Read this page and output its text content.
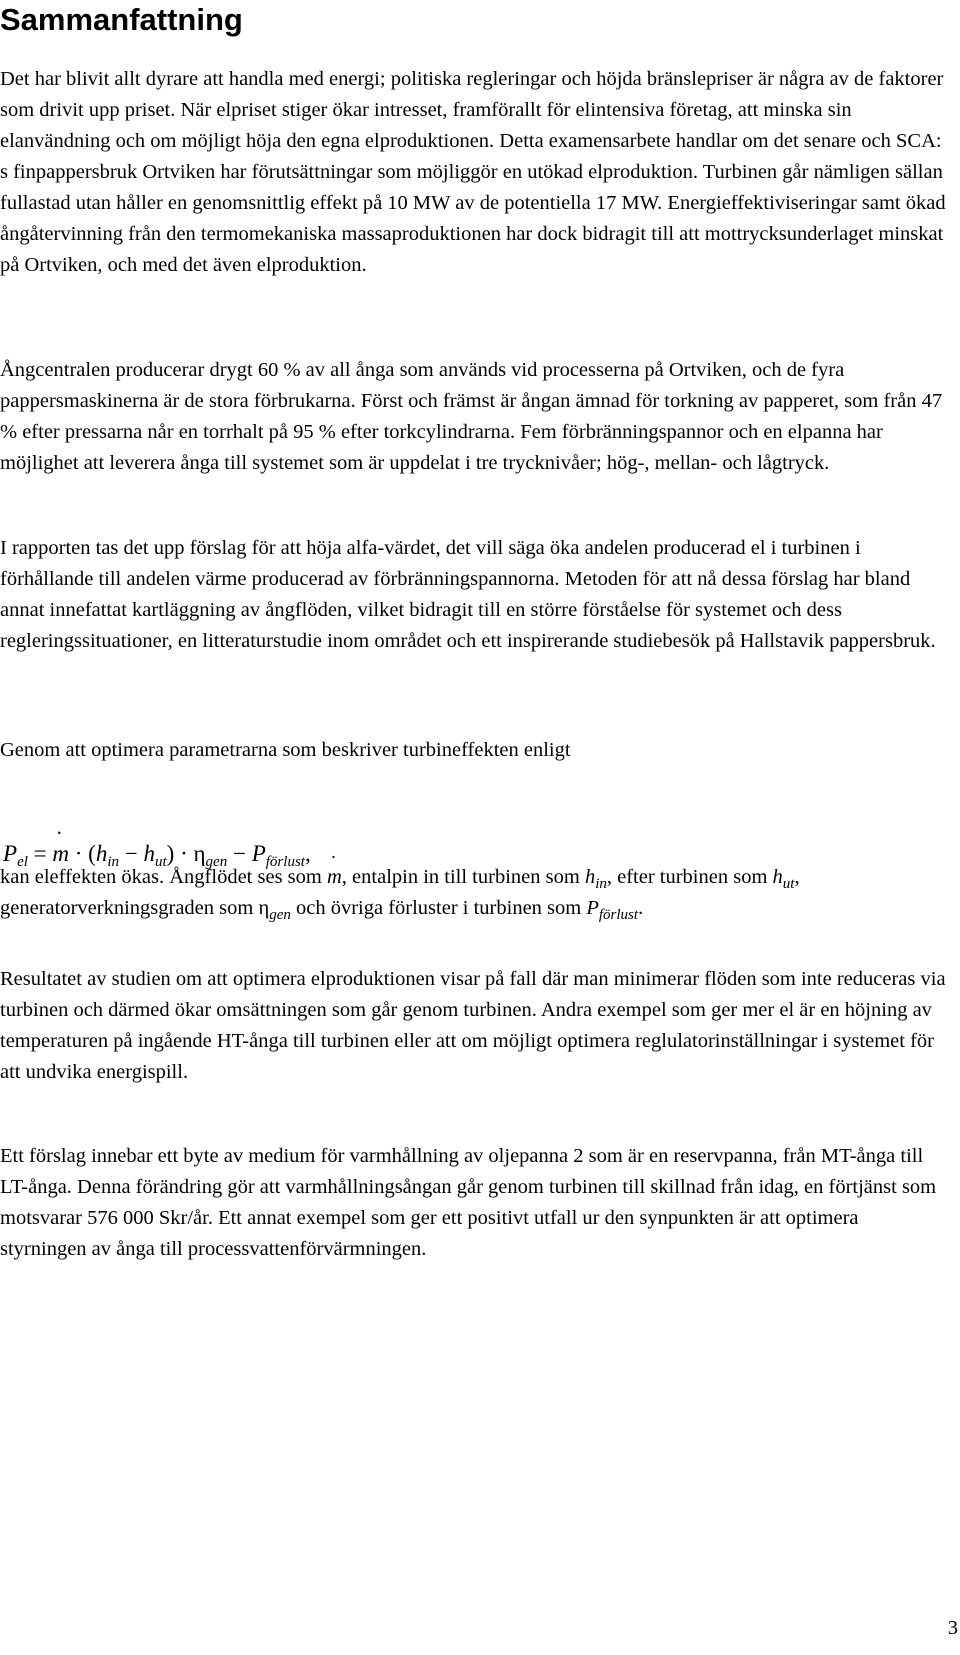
Sammanfattning

Det har blivit allt dyrare att handla med energi; politiska regleringar och höjda bränslepriser är några av de faktorer som drivit upp priset. När elpriset stiger ökar intresset, framförallt för elintensiva företag, att minska sin elanvändning och om möjligt höja den egna elproduktionen. Detta examensarbete handlar om det senare och SCA: s finpappersbruk Ortviken har förutsättningar som möjliggör en utökad elproduktion. Turbinen går nämligen sällan fullastad utan håller en genomsnittlig effekt på 10 MW av de potentiella 17 MW. Energieffektiviseringar samt ökad ångåtervinning från den termomekaniska massaproduktionen har dock bidragit till att mottrycksunderlaget minskat på Ortviken, och med det även elproduktion.

Ångcentralen producerar drygt 60 % av all ånga som används vid processerna på Ortviken, och de fyra pappersmaskinerna är de stora förbrukarna. Först och främst är ångan ämnad för torkning av papperet, som från 47 % efter pressarna når en torrhalt på 95 % efter torkcylindrarna. Fem förbränningspannor och en elpanna har möjlighet att leverera ånga till systemet som är uppdelat i tre trycknivåer; hög-, mellan- och lågtryck.

I rapporten tas det upp förslag för att höja alfa-värdet, det vill säga öka andelen producerad el i turbinen i förhållande till andelen värme producerad av förbränningspannorna. Metoden för att nå dessa förslag har bland annat innefattat kartläggning av ångflöden, vilket bidragit till en större förståelse för systemet och dess regleringssituationer, en litteraturstudie inom området och ett inspirerande studiebesök på Hallstavik pappersbruk.

Genom att optimera parametrarna som beskriver turbineffekten enligt

$P_{el}$ = ˙ $m \cdot (h_{in} - h_{ut}) \cdot \eta_{gen} - P_{förlust}$,

kan eleffekten ökas. Ångflödet ses som ˙ m, entalpin in till turbinen som $h_{in}$, efter turbinen som $h_{ut}$, generatorverkningsgraden som $\eta_{gen}$ och övriga förluster i turbinen som $P_{förlust}$.

Resultatet av studien om att optimera elproduktionen visar på fall där man minimerar flöden som inte reduceras via turbinen och därmed ökar omsättningen som går genom turbinen. Andra exempel som ger mer el är en höjning av temperaturen på ingående HT-ånga till turbinen eller att om möjligt optimera reglulatorinställningar i systemet för att undvika energispill.

Ett förslag innebar ett byte av medium för varmhållning av oljepanna 2 som är en reservpanna, från MT-ånga till LT-ånga. Denna förändring gör att varmhållningsångan går genom turbinen till skillnad från idag, en förtjänst som motsvarar 576 000 Skr/år. Ett annat exempel som ger ett positivt utfall ur den synpunkten är att optimera styrningen av ånga till processvattenförvärmningen.

3
